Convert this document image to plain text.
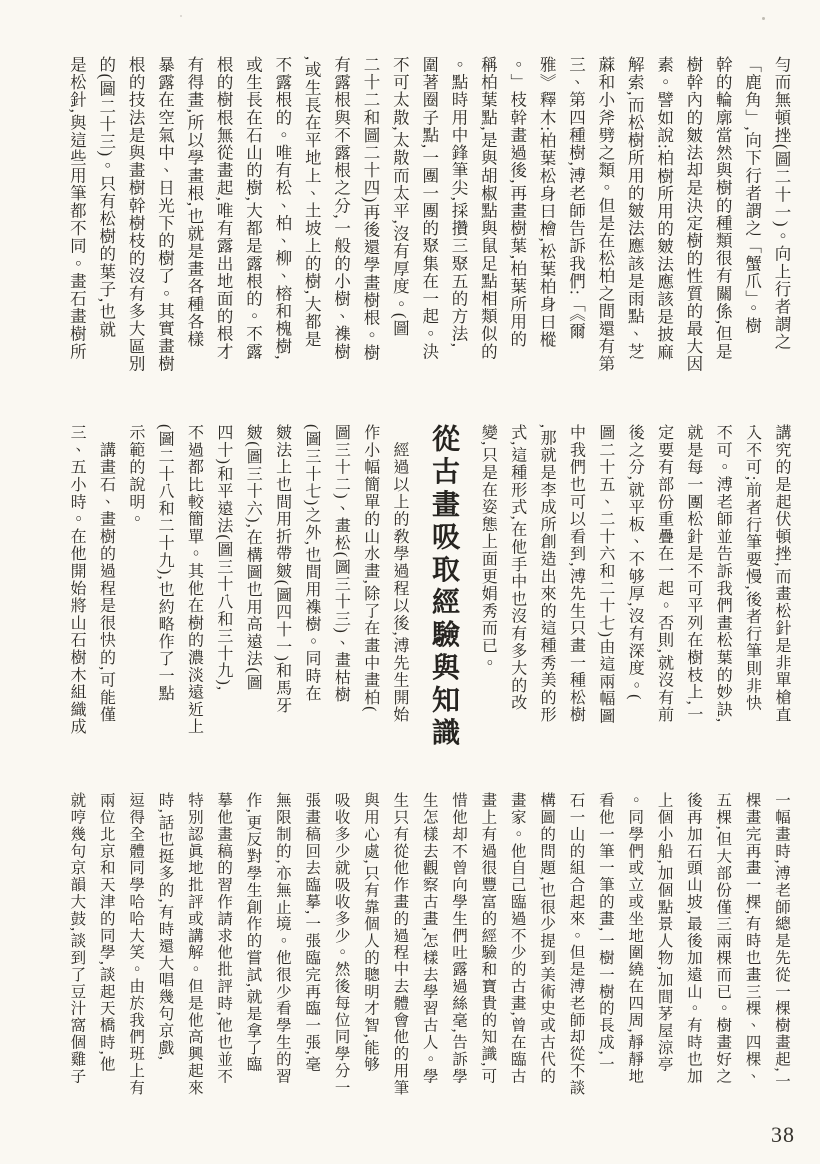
勻而無頓挫(圖二十一)。向上行者謂之
「鹿角」,向下行者謂之「蟹爪」。樹
幹的輪廓當然與樹的種類很有關係,但是
樹幹內的皴法却是決定樹的性質的最大因
素。譬如說:柏樹所用的皴法應該是披麻
解索,而松樹所用的皴法應該是雨點、芝
蔴和小斧劈之類。但是在松柏之間還有第
三、第四種樹,溥老師告訴我們:「《爾
雅》釋木:柏葉松身曰檜,松葉柏身曰樅
。」枝幹畫過後,再畫樹葉,柏葉所用的
稱柏葉點,是與胡椒點與鼠足點相類似的
。點時用中鋒筆尖,採攢三聚五的方法,
圍著圈子點,一團一團的聚集在一起。決
不可太散,太散而太平,沒有厚度。(圖
二十二和圖二十四)再後還學畫樹根。樹
有露根與不露根之分,一般的小樹、襍樹
,或生長在平地上、土坡上的樹,大都是
不露根的。唯有松、柏、柳、榕和槐樹,
或生長在石山的樹,大都是露根的。不露
根的樹根無從畫起,唯有露出地面的根才
有得畫,所以學畫根,也就是畫各種各樣
暴露在空氣中、日光下的樹了。其實畫樹
根的技法是與畫樹幹樹枝的沒有多大區別
的(圖二十三)。只有松樹的葉子,也就
是松針,與這些用筆都不同。畫石畫樹所
講究的是起伏頓挫,而畫松針是非單槍直
入不可;前者行筆要慢,後者行筆則非快
不可。溥老師並告訴我們畫松葉的妙訣,
就是每一團松針是不可平列在樹枝上,一
定要有部份重疊在一起。否則,就沒有前
後之分,就平板、不够厚,沒有深度。(
圖二十五、二十六和二十七)由這兩幅圖
中我們也可以看到,溥先生只畫一種松樹
,那就是李成所創造出來的這種秀美的形
式,這種形式,在他手中也沒有多大的改
變,只是在姿態上面更娟秀而已。
從古畫吸取經驗與知識
　經過以上的敎學過程以後,溥先生開始
作小幅簡單的山水畫,除了在畫中畫柏(
圖三十二)、畫松(圖三十三)、畫枯樹
(圖三十七)之外,也間用襍樹。同時在
皴法上也間用折帶皴(圖四十一)和馬牙
皴(圖三十六),在構圖也用高遠法(圖
四十)和平遠法(圖三十八和三十九),
不過都比較簡單。其他在樹的濃淡遠近上
(圖二十八和二十九),也約略作了一點
示範的說明。
　講畫石、畫樹的過程是很快的,可能僅
三、五小時。在他開始將山石樹木組織成
一幅畫時,溥老師總是先從一棵樹畫起,一
棵畫完再畫一棵,有時也畫三棵、四棵、
五棵,但大部份僅三兩棵而已。樹畫好之
後再加石頭山坡,最後加遠山。有時也加
上個小船,加個點景人物,加間茅屋涼亭
。同學們或立或坐地圍繞在四周,靜靜地
看他一筆一筆的畫,一樹一樹的長成,一
石一山的組合起來。但是溥老師却從不談
構圖的問題,也很少提到美術史或古代的
畫家。他自己臨過不少的古畫,曾在臨古
畫上有過很豐富的經驗和寶貴的知識,可
惜他却不曾向學生們吐露過絲毫,告訴學
生怎樣去觀察古畫,怎樣去學習古人。學
生只有從他作畫的過程中去體會他的用筆
與用心處,只有靠個人的聰明才智,能够
吸收多少就吸收多少。然後每位同學分一
張畫稿回去臨摹,一張臨完再臨一張,毫
無限制的,亦無止境。他很少看學生的習
作,更反對學生創作的嘗試,就是拿了臨
摹他畫稿的習作請求他批評時,他也並不
特別認眞地批評或講解。但是他高興起來
時,話也挺多的,有時還大唱幾句京戲,
逗得全體同學哈哈大笑。由於我們班上有
兩位北京和天津的同學,談起天橋時,他
就哼幾句京韻大鼓,談到了豆汁窩個雞子
38
